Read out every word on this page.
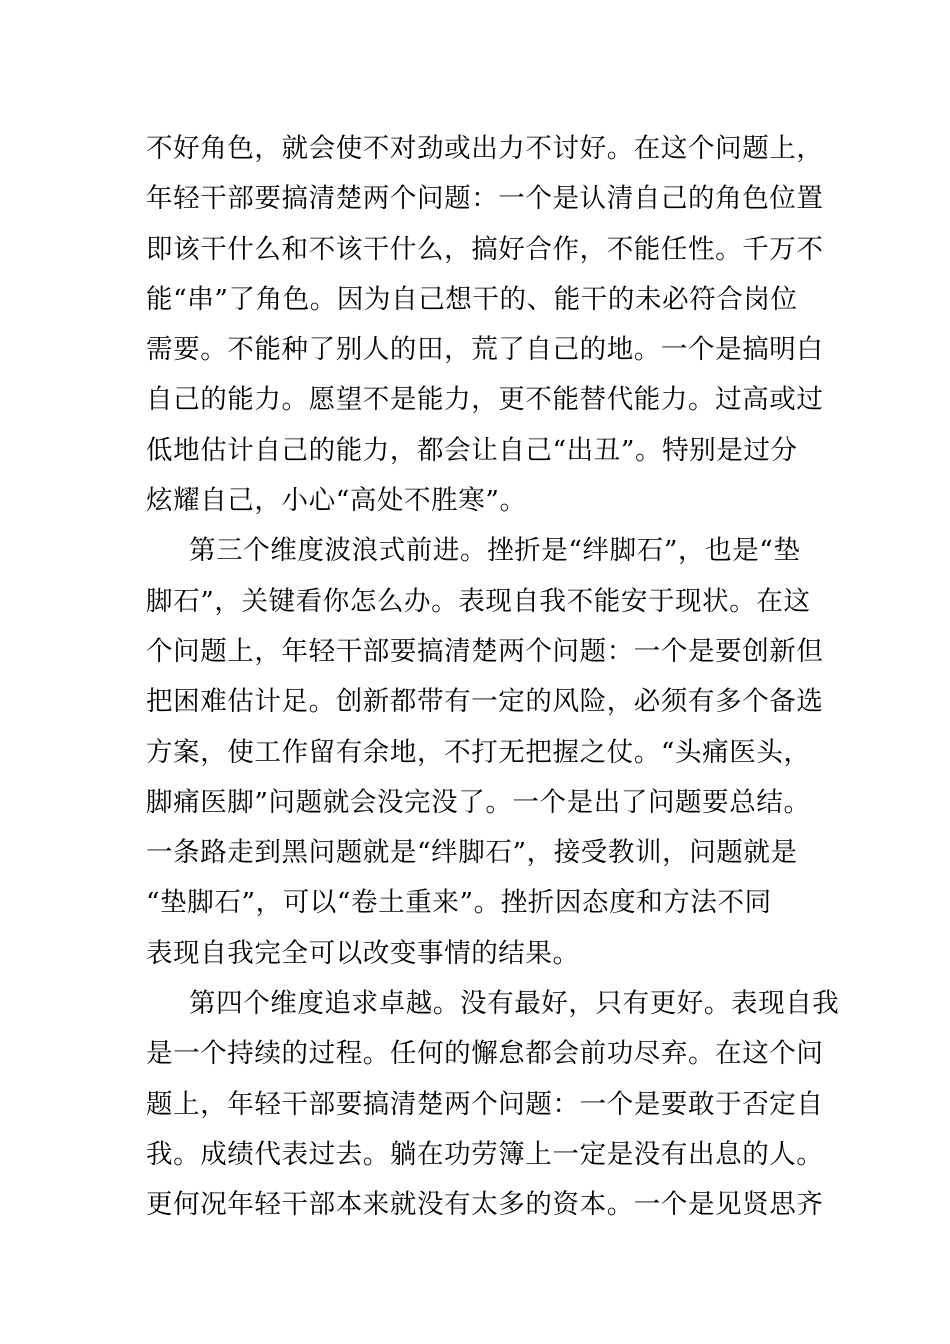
不好角色，就会使不对劲或出力不讨好。在这个问题上，
年轻干部要搞清楚两个问题：一个是认清自己的角色位置
即该干什么和不该干什么，搞好合作，不能任性。千万不
能“串”了角色。因为自己想干的、能干的未必符合岗位
需要。不能种了别人的田，荒了自己的地。一个是搞明白
自己的能力。愿望不是能力，更不能替代能力。过高或过
低地估计自己的能力，都会让自己“出丑”。特别是过分
炫耀自己，小心“高处不胜寒”。
第三个维度波浪式前进。挫折是“绊脚石”，也是“垫
脚石”，关键看你怎么办。表现自我不能安于现状。在这
个问题上，年轻干部要搞清楚两个问题：一个是要创新但
把困难估计足。创新都带有一定的风险，必须有多个备选
方案，使工作留有余地，不打无把握之仗。“头痛医头，
脚痛医脚”问题就会没完没了。一个是出了问题要总结。
一条路走到黑问题就是“绊脚石”，接受教训，问题就是
“垫脚石”，可以“卷土重来”。挫折因态度和方法不同
表现自我完全可以改变事情的结果。
第四个维度追求卓越。没有最好，只有更好。表现自我
是一个持续的过程。任何的懈怠都会前功尽弃。在这个问
题上，年轻干部要搞清楚两个问题：一个是要敢于否定自
我。成绩代表过去。躺在功劳簿上一定是没有出息的人。
更何况年轻干部本来就没有太多的资本。一个是见贤思齐
